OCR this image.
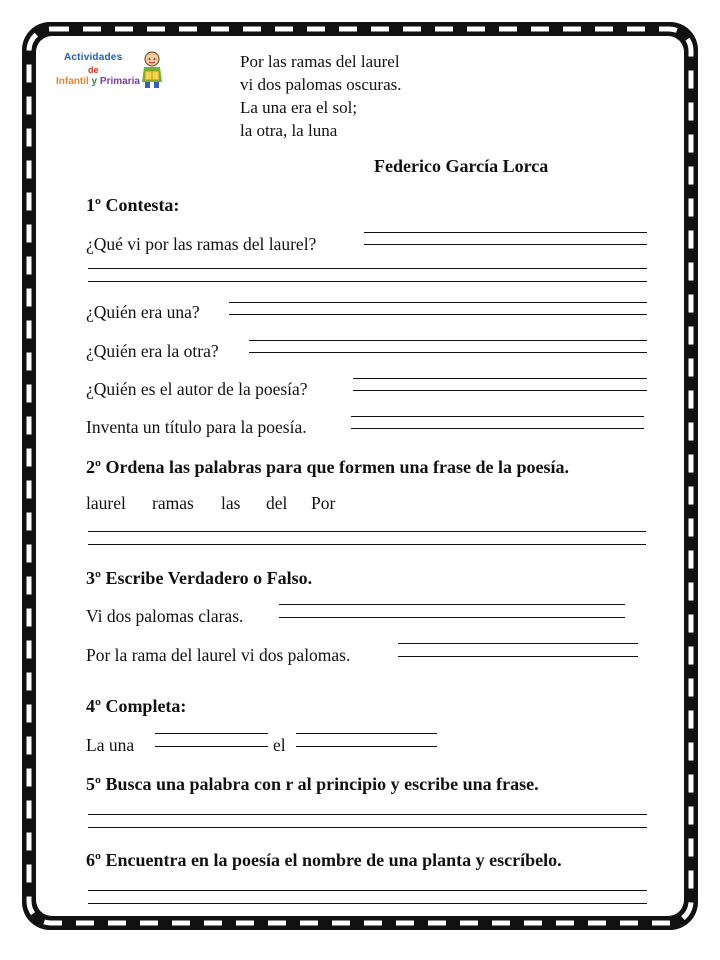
Actividades
de
Infantil y Primaria
Por las ramas del laurel
vi dos palomas oscuras.
La una era el sol;
la otra, la luna
Federico García Lorca
1º Contesta:
¿Qué vi por las ramas del laurel?
¿Quién era una?
¿Quién era la otra?
¿Quién es el autor de la poesía?
Inventa un título para la poesía.
2º Ordena las palabras para que formen una frase de la poesía.
laurel ramas las del Por
3º Escribe Verdadero o Falso.
Vi dos palomas claras.
Por la rama del laurel vi dos palomas.
4º Completa:
La una	el
5º Busca una palabra con r al principio y escribe una frase.
6º Encuentra en la poesía el nombre de una planta y escríbelo.
